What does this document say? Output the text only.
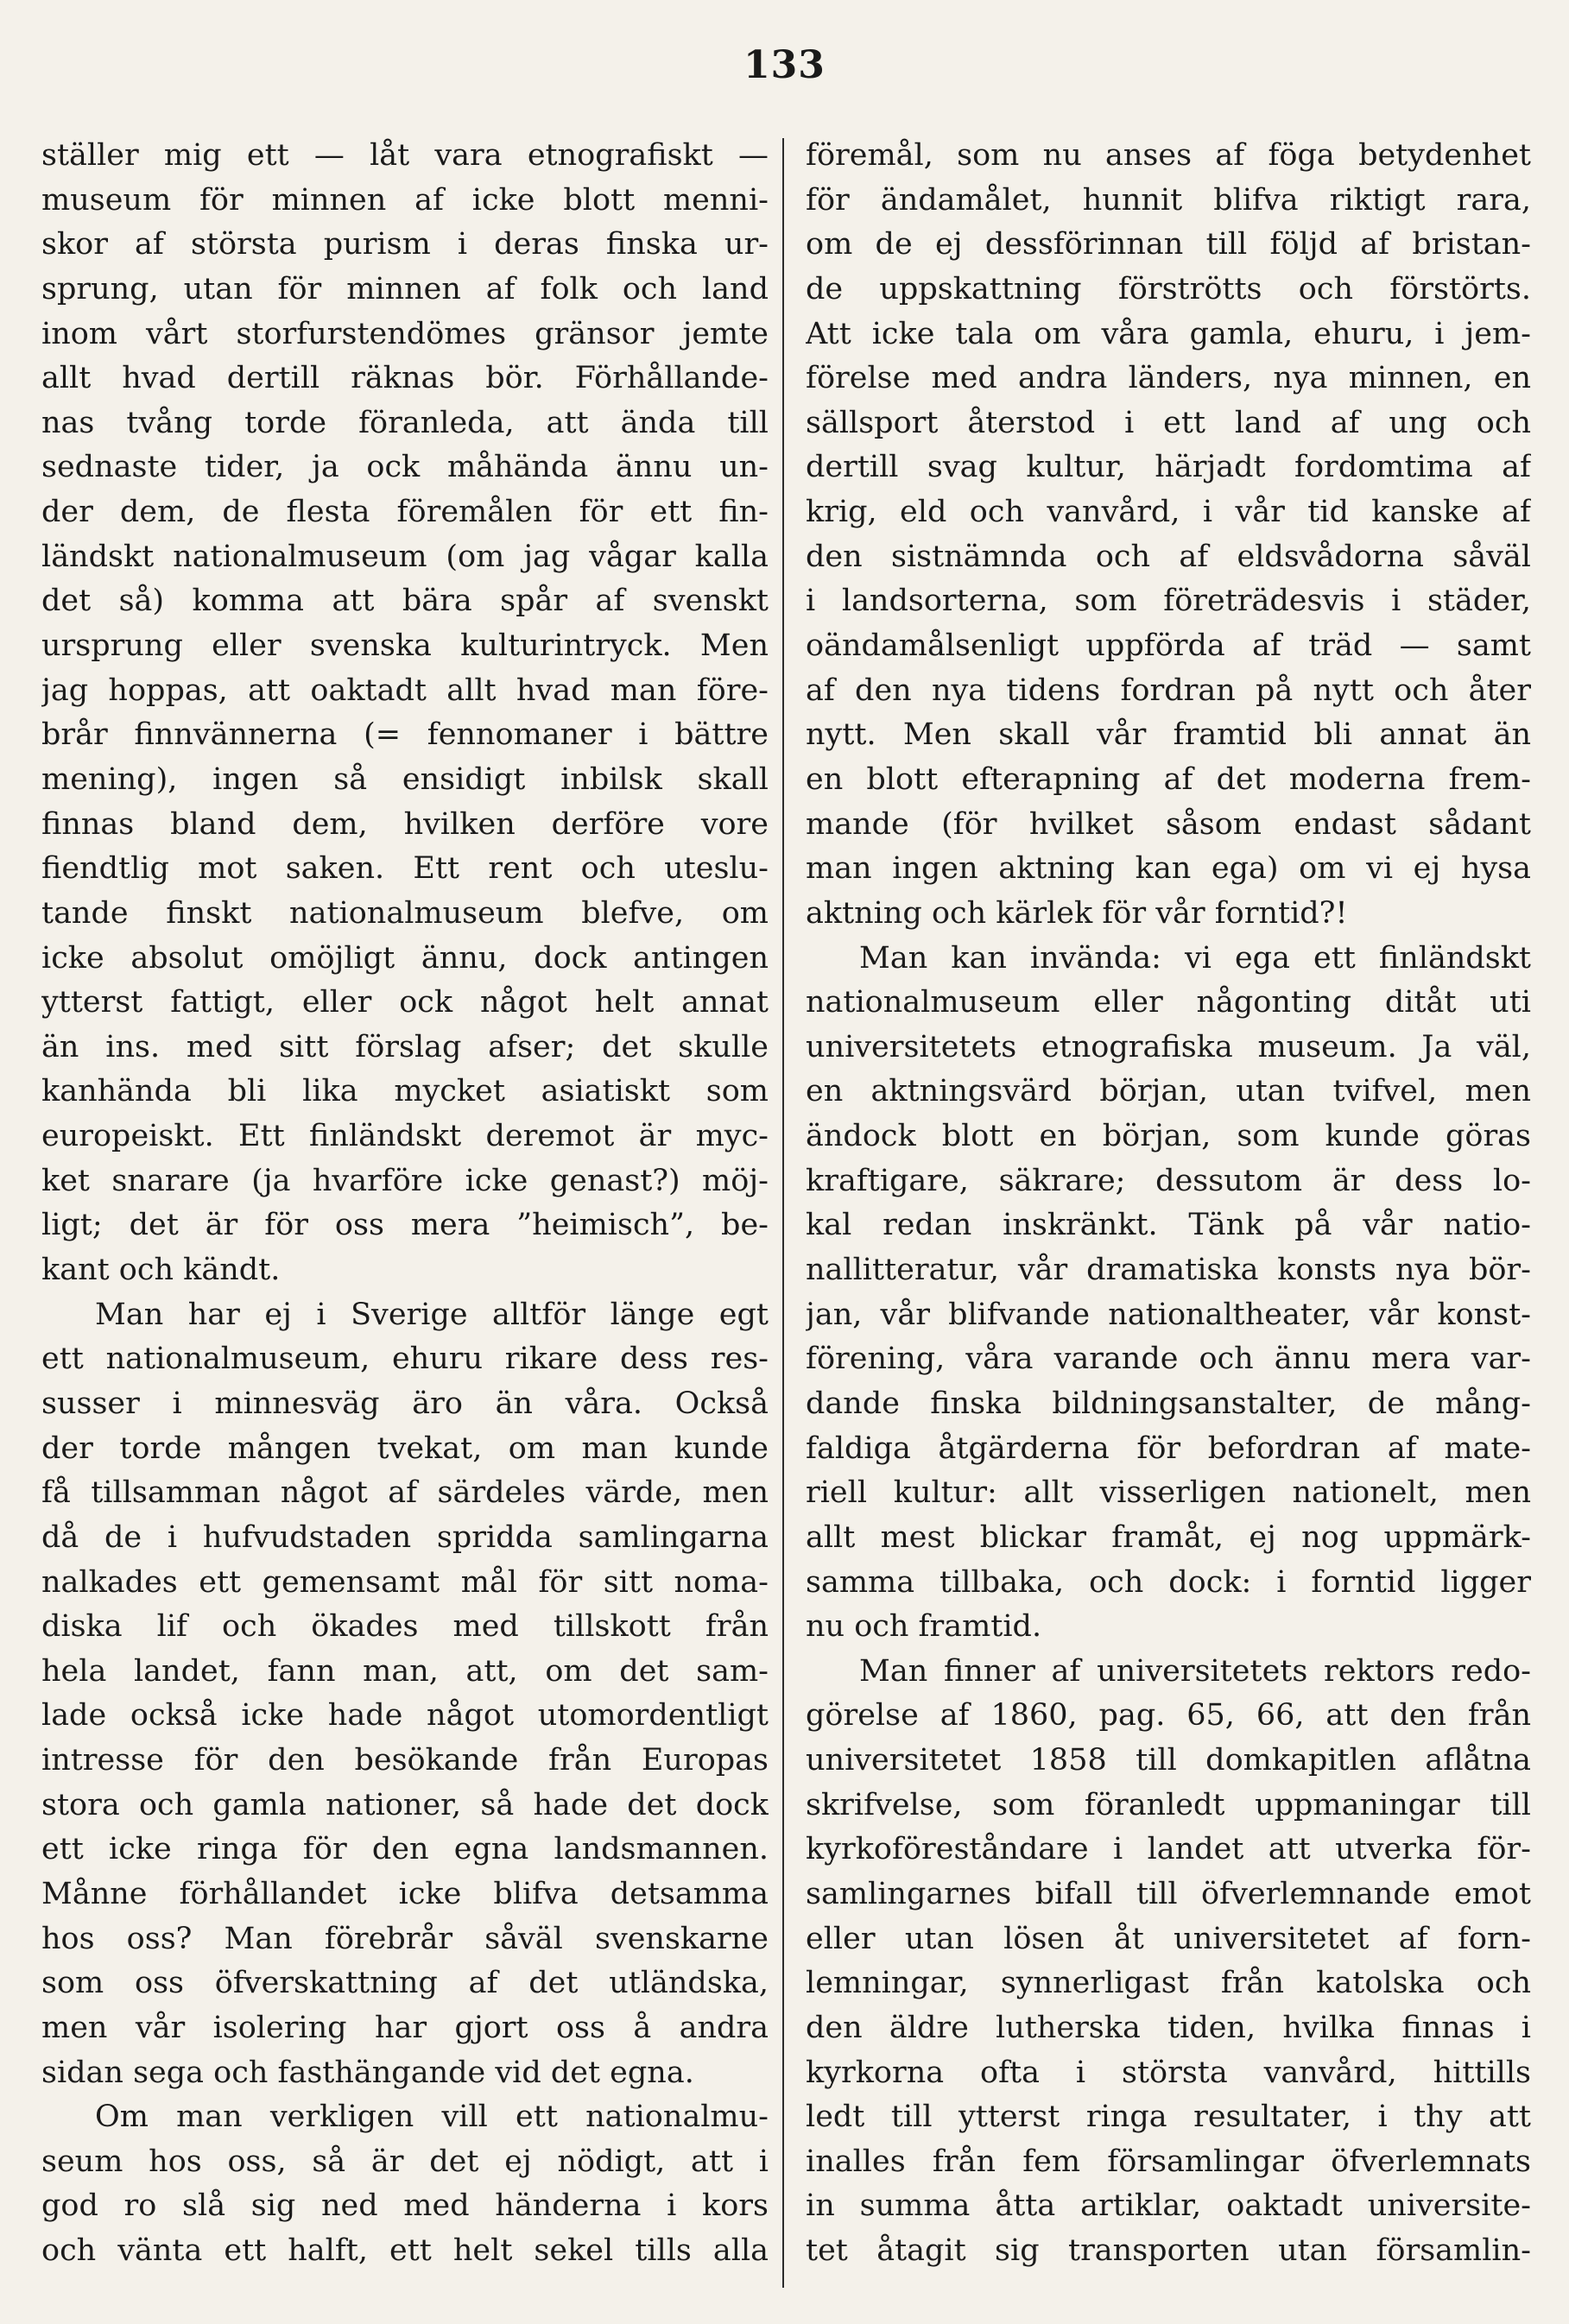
133
ställer mig ett — låt vara etnografiskt —
museum för minnen af icke blott menni-
skor af största purism i deras finska ur-
sprung, utan för minnen af folk och land
inom vårt storfurstendömes gränsor jemte
allt hvad dertill räknas bör. Förhållande-
nas tvång torde föranleda, att ända till
sednaste tider, ja ock måhända ännu un-
der dem, de flesta föremålen för ett fin-
ländskt nationalmuseum (om jag vågar kalla
det så) komma att bära spår af svenskt
ursprung eller svenska kulturintryck. Men
jag hoppas, att oaktadt allt hvad man före-
brår finnvännerna (= fennomaner i bättre
mening), ingen så ensidigt inbilsk skall
finnas bland dem, hvilken derföre vore
fiendtlig mot saken. Ett rent och uteslu-
tande finskt nationalmuseum blefve, om
icke absolut omöjligt ännu, dock antingen
ytterst fattigt, eller ock något helt annat
än ins. med sitt förslag afser; det skulle
kanhända bli lika mycket asiatiskt som
europeiskt. Ett finländskt deremot är myc-
ket snarare (ja hvarföre icke genast?) möj-
ligt; det är för oss mera ”heimisch”, be-
kant och kändt.
Man har ej i Sverige alltför länge egt
ett nationalmuseum, ehuru rikare dess res-
susser i minnesväg äro än våra. Också
der torde mången tvekat, om man kunde
få tillsamman något af särdeles värde, men
då de i hufvudstaden spridda samlingarna
nalkades ett gemensamt mål för sitt noma-
diska lif och ökades med tillskott från
hela landet, fann man, att, om det sam-
lade också icke hade något utomordentligt
intresse för den besökande från Europas
stora och gamla nationer, så hade det dock
ett icke ringa för den egna landsmannen.
Månne förhållandet icke blifva detsamma
hos oss? Man förebrår såväl svenskarne
som oss öfverskattning af det utländska,
men vår isolering har gjort oss å andra
sidan sega och fasthängande vid det egna.
Om man verkligen vill ett nationalmu-
seum hos oss, så är det ej nödigt, att i
god ro slå sig ned med händerna i kors
och vänta ett halft, ett helt sekel tills alla
föremål, som nu anses af föga betydenhet
för ändamålet, hunnit blifva riktigt rara,
om de ej dessförinnan till följd af bristan-
de uppskattning förströtts och förstörts.
Att icke tala om våra gamla, ehuru, i jem-
förelse med andra länders, nya minnen, en
sällsport återstod i ett land af ung och
dertill svag kultur, härjadt fordomtima af
krig, eld och vanvård, i vår tid kanske af
den sistnämnda och af eldsvådorna såväl
i landsorterna, som företrädesvis i städer,
oändamålsenligt uppförda af träd — samt
af den nya tidens fordran på nytt och åter
nytt. Men skall vår framtid bli annat än
en blott efterapning af det moderna frem-
mande (för hvilket såsom endast sådant
man ingen aktning kan ega) om vi ej hysa
aktning och kärlek för vår forntid?!
Man kan invända: vi ega ett finländskt
nationalmuseum eller någonting ditåt uti
universitetets etnografiska museum. Ja väl,
en aktningsvärd början, utan tvifvel, men
ändock blott en början, som kunde göras
kraftigare, säkrare; dessutom är dess lo-
kal redan inskränkt. Tänk på vår natio-
nallitteratur, vår dramatiska konsts nya bör-
jan, vår blifvande nationaltheater, vår konst-
förening, våra varande och ännu mera var-
dande finska bildningsanstalter, de mång-
faldiga åtgärderna för befordran af mate-
riell kultur: allt visserligen nationelt, men
allt mest blickar framåt, ej nog uppmärk-
samma tillbaka, och dock: i forntid ligger
nu och framtid.
Man finner af universitetets rektors redo-
görelse af 1860, pag. 65, 66, att den från
universitetet 1858 till domkapitlen aflåtna
skrifvelse, som föranledt uppmaningar till
kyrkoföreståndare i landet att utverka för-
samlingarnes bifall till öfverlemnande emot
eller utan lösen åt universitetet af forn-
lemningar, synnerligast från katolska och
den äldre lutherska tiden, hvilka finnas i
kyrkorna ofta i största vanvård, hittills
ledt till ytterst ringa resultater, i thy att
inalles från fem församlingar öfverlemnats
in summa åtta artiklar, oaktadt universite-
tet åtagit sig transporten utan församlin-
